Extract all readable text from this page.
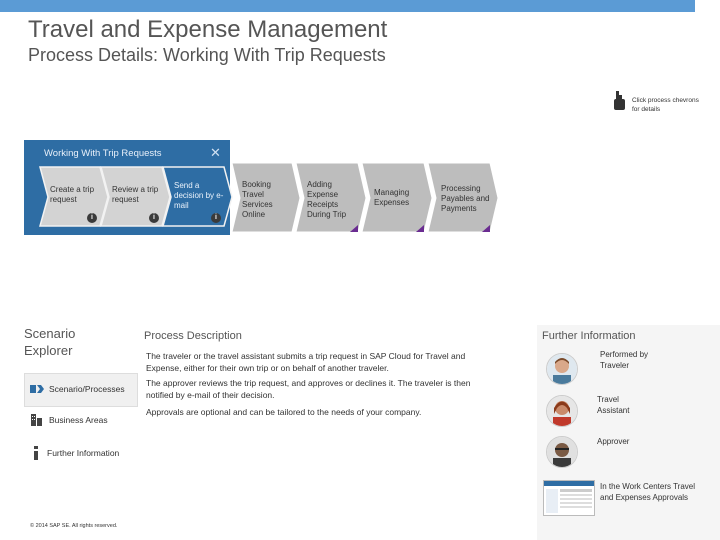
Travel and Expense Management
Process Details: Working With Trip Requests
Click process chevrons for details
Working With Trip Requests	✕
Create a trip request
Review a trip request
Send a decision by e-mail
i	i	i
Booking Travel Services Online
Adding Expense Receipts During Trip
Managing Expenses
Processing Payables and Payments
Scenario Explorer
Scenario/Processes
Business Areas
Further Information
© 2014 SAP SE. All rights reserved.
Process Description
The traveler or the travel assistant submits a trip request in SAP Cloud for Travel and Expense, either for their own trip or on behalf of another traveler.
The approver reviews the trip request, and approves or declines it. The traveler is then notified by e-mail of their decision.
Approvals are optional and can be tailored to the needs of your company.
Further Information
Performed by Traveler
Travel Assistant
Approver
In the Work Centers Travel and Expenses Approvals
